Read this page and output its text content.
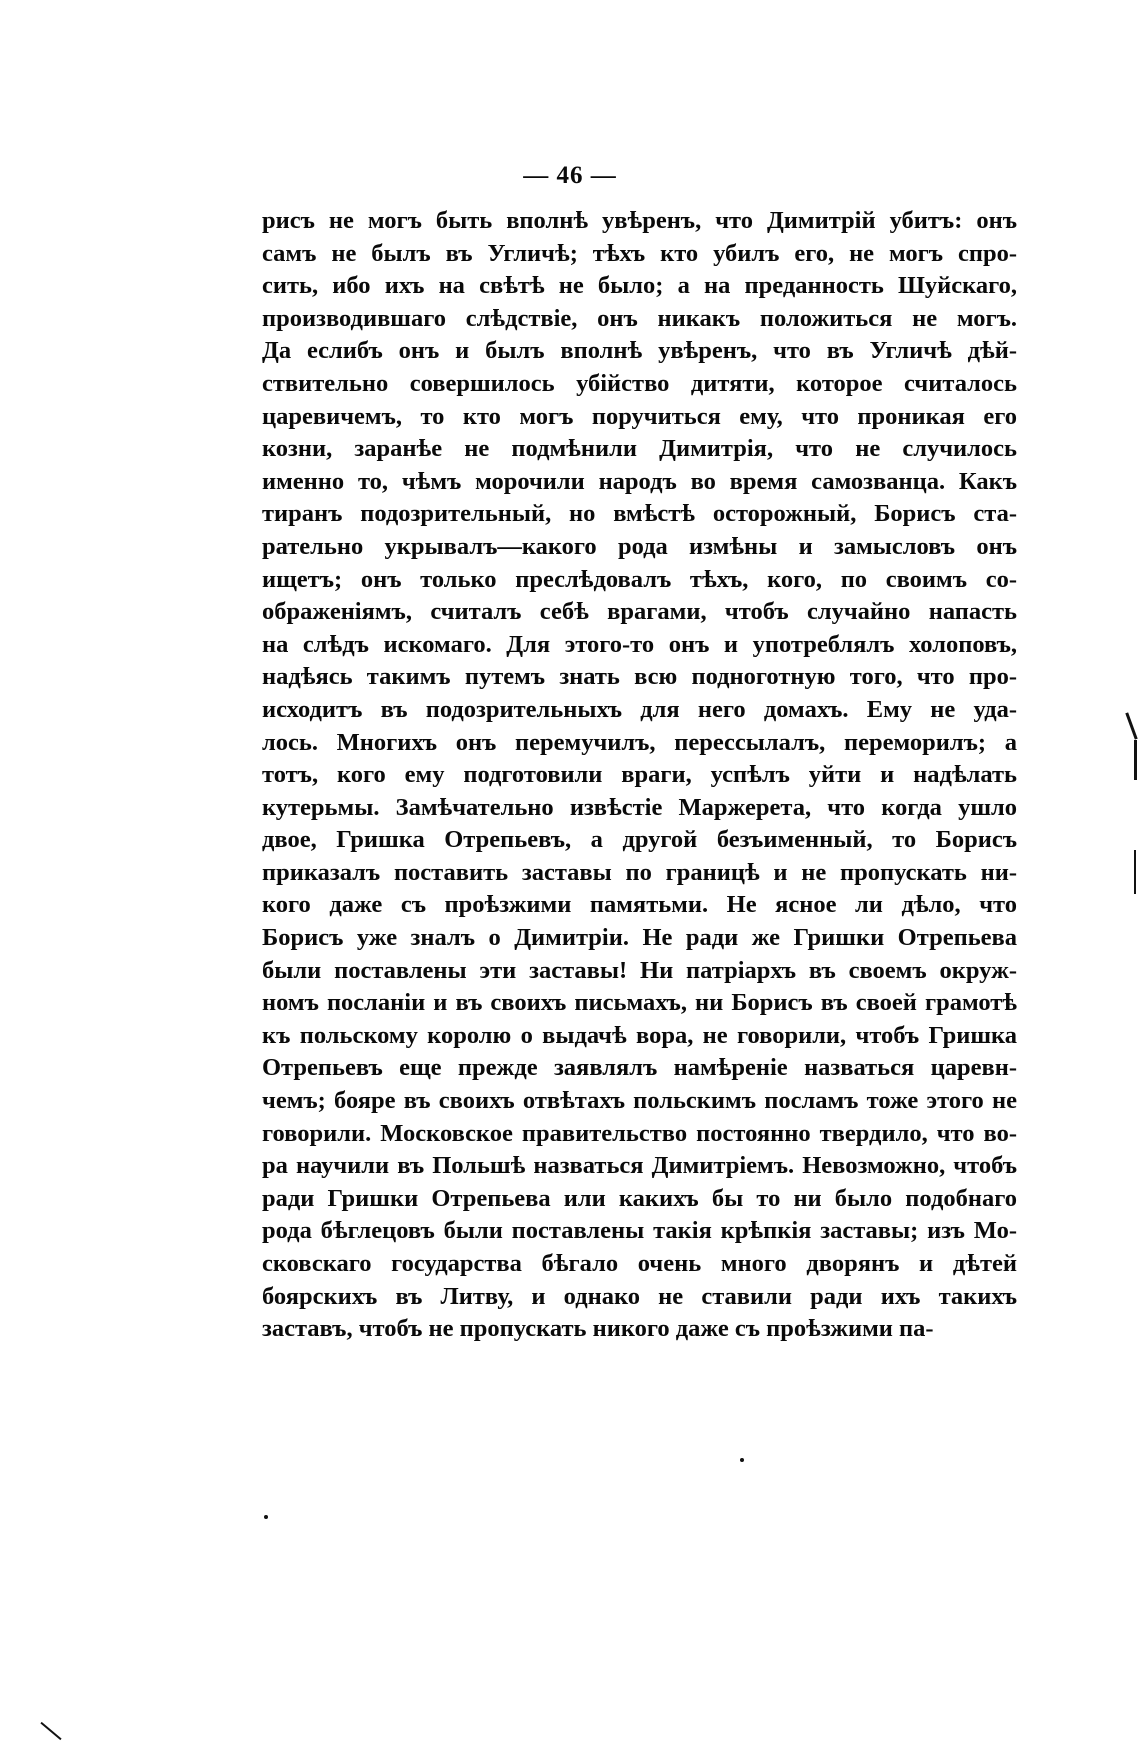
— 46 —
рисъ не могъ быть вполнѣ увѣренъ, что Димитрій убитъ: онъ
самъ не былъ въ Угличѣ; тѣхъ кто убилъ его, не могъ спро-
сить, ибо ихъ на свѣтѣ не было; а на преданность Шуйскаго,
производившаго слѣдствіе, онъ никакъ положиться не могъ.
Да еслибъ онъ и былъ вполнѣ увѣренъ, что въ Угличѣ дѣй-
ствительно совершилось убійство дитяти, которое считалось
царевичемъ, то кто могъ поручиться ему, что проникая его
козни, заранѣе не подмѣнили Димитрія, что не случилось
именно то, чѣмъ морочили народъ во время самозванца. Какъ
тиранъ подозрительный, но вмѣстѣ осторожный, Борисъ ста-
рательно укрывалъ—какого рода измѣны и замысловъ онъ
ищетъ; онъ только преслѣдовалъ тѣхъ, кого, по своимъ со-
ображеніямъ, считалъ себѣ врагами, чтобъ случайно напасть
на слѣдъ искомаго. Для этого-то онъ и употреблялъ холоповъ,
надѣясь такимъ путемъ знать всю подноготную того, что про-
исходитъ въ подозрительныхъ для него домахъ. Ему не уда-
лось. Многихъ онъ перемучилъ, перессылалъ, переморилъ; а
тотъ, кого ему подготовили враги, успѣлъ уйти и надѣлать
кутерьмы. Замѣчательно извѣстіе Маржерета, что когда ушло
двое, Гришка Отрепьевъ, а другой безъименный, то Борисъ
приказалъ поставить заставы по границѣ и не пропускать ни-
кого даже съ проѣзжими памятьми. Не ясное ли дѣло, что
Борисъ уже зналъ о Димитріи. Не ради же Гришки Отрепьева
были поставлены эти заставы! Ни патріархъ въ своемъ окруж-
номъ посланіи и въ своихъ письмахъ, ни Борисъ въ своей грамотѣ
къ польскому королю о выдачѣ вора, не говорили, чтобъ Гришка
Отрепьевъ еще прежде заявлялъ намѣреніе назваться царевн-
чемъ; бояре въ своихъ отвѣтахъ польскимъ посламъ тоже этого не
говорили. Московское правительство постоянно твердило, что во-
ра научили въ Польшѣ назваться Димитріемъ. Невозможно, чтобъ
ради Гришки Отрепьева или какихъ бы то ни было подобнаго
рода бѣглецовъ были поставлены такія крѣпкія заставы; изъ Мо-
сковскаго государства бѣгало очень много дворянъ и дѣтей
боярскихъ въ Литву, и однако не ставили ради ихъ такихъ
заставъ, чтобъ не пропускать никого даже съ проѣзжими па-
